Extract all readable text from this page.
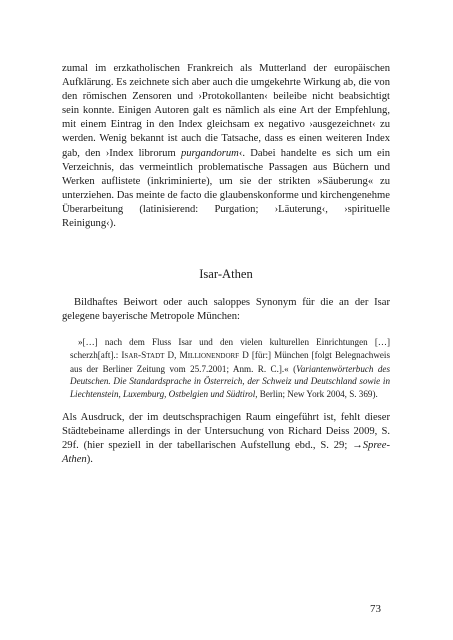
zumal im erzkatholischen Frankreich als Mutterland der europäischen Aufklärung. Es zeichnete sich aber auch die umgekehrte Wirkung ab, die von den römischen Zensoren und ›Protokollanten‹ beileibe nicht beabsichtigt sein konnte. Einigen Autoren galt es nämlich als eine Art der Empfehlung, mit einem Eintrag in den Index gleichsam ex negativo ›ausgezeichnet‹ zu werden. Wenig bekannt ist auch die Tatsache, dass es einen weiteren Index gab, den ›Index librorum purgandorum‹. Dabei handelte es sich um ein Verzeichnis, das vermeintlich problematische Passagen aus Büchern und Werken auflistete (inkriminierte), um sie der strikten »Säuberung« zu unterziehen. Das meinte de facto die glaubenskonforme und kirchengenehme Überarbeitung (latinisierend: Purgation; ›Läuterung‹, ›spirituelle Reinigung‹).

Isar-Athen

Bildhaftes Beiwort oder auch saloppes Synonym für die an der Isar gelegene bayerische Metropole München:

»[…] nach dem Fluss Isar und den vielen kulturellen Einrichtungen […] scherzh[aft].: Isar-Stadt D, Millionendorf D [für:] München [folgt Belegnachweis aus der Berliner Zeitung vom 25.7.2001; Anm. R. C.].« (Variantenwörterbuch des Deutschen. Die Standardsprache in Österreich, der Schweiz und Deutschland sowie in Liechtenstein, Luxemburg, Ostbelgien und Südtirol, Berlin; New York 2004, S. 369).

Als Ausdruck, der im deutschsprachigen Raum eingeführt ist, fehlt dieser Städtebeiname allerdings in der Untersuchung von Richard Deiss 2009, S. 29f. (hier speziell in der tabellarischen Aufstellung ebd., S. 29; →Spree-Athen).

73
